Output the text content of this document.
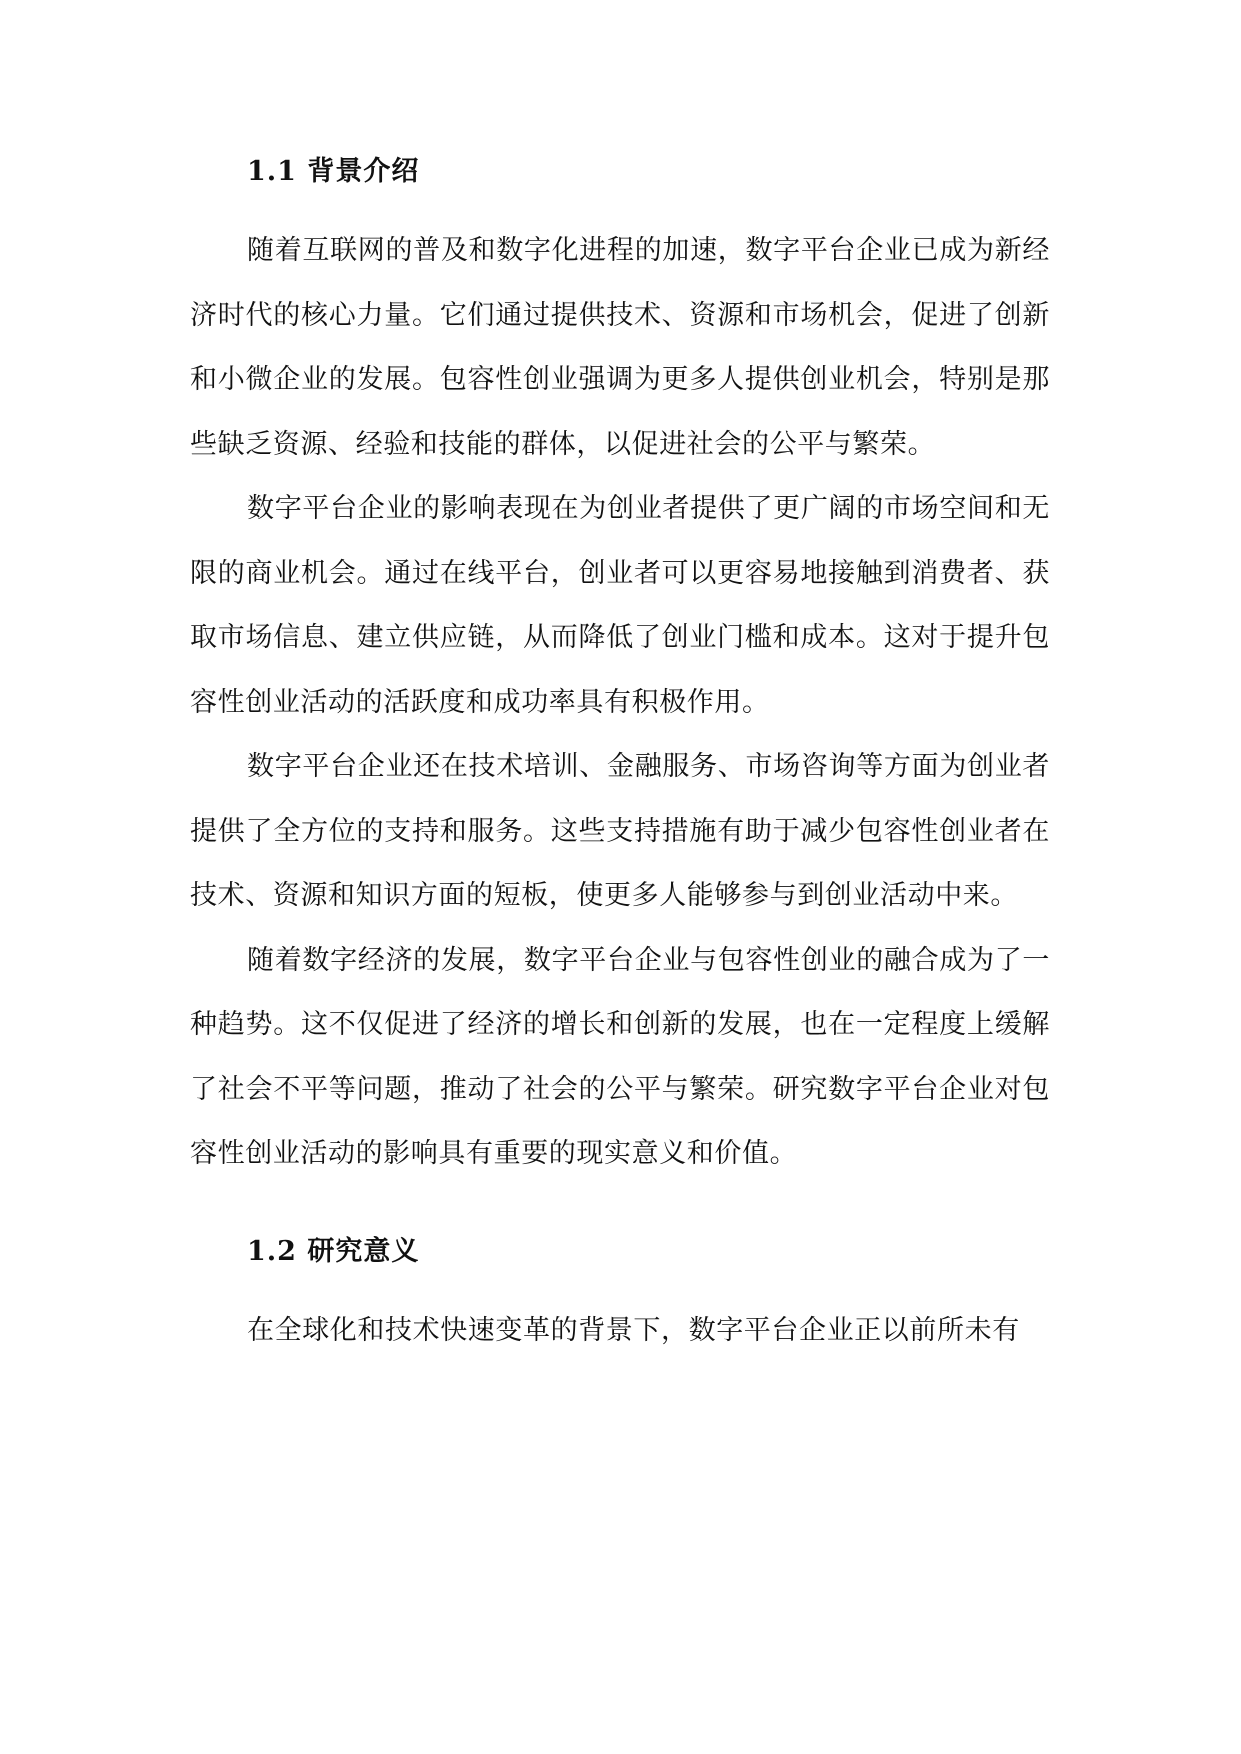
1.1 背景介绍

随着互联网的普及和数字化进程的加速，数字平台企业已成为新经济时代的核心力量。它们通过提供技术、资源和市场机会，促进了创新和小微企业的发展。包容性创业强调为更多人提供创业机会，特别是那些缺乏资源、经验和技能的群体，以促进社会的公平与繁荣。

数字平台企业的影响表现在为创业者提供了更广阔的市场空间和无限的商业机会。通过在线平台，创业者可以更容易地接触到消费者、获取市场信息、建立供应链，从而降低了创业门槛和成本。这对于提升包容性创业活动的活跃度和成功率具有积极作用。

数字平台企业还在技术培训、金融服务、市场咨询等方面为创业者提供了全方位的支持和服务。这些支持措施有助于减少包容性创业者在技术、资源和知识方面的短板，使更多人能够参与到创业活动中来。

随着数字经济的发展，数字平台企业与包容性创业的融合成为了一种趋势。这不仅促进了经济的增长和创新的发展，也在一定程度上缓解了社会不平等问题，推动了社会的公平与繁荣。研究数字平台企业对包容性创业活动的影响具有重要的现实意义和价值。

1.2 研究意义

在全球化和技术快速变革的背景下，数字平台企业正以前所未有
